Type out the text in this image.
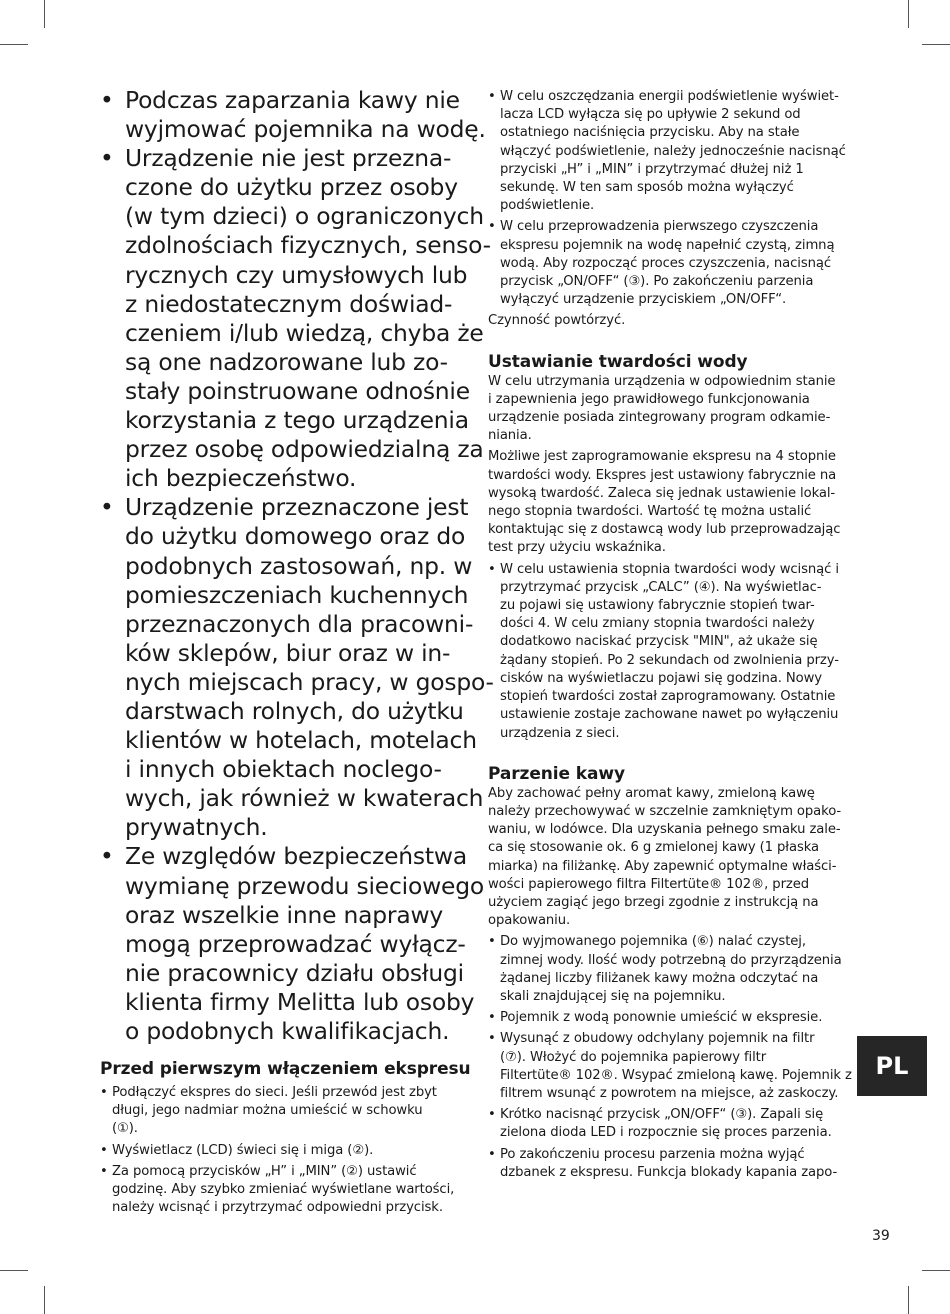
• Podczas zaparzania kawy nie
wyjmować pojemnika na wodę.
• Urządzenie nie jest przezna-
czone do użytku przez osoby
(w tym dzieci) o ograniczonych
zdolnościach fizycznych, senso-
rycznych czy umysłowych lub
z niedostatecznym doświad-
czeniem i/lub wiedzą, chyba że
są one nadzorowane lub zo-
stały poinstruowane odnośnie
korzystania z tego urządzenia
przez osobę odpowiedzialną za
ich bezpieczeństwo.
• Urządzenie przeznaczone jest
do użytku domowego oraz do
podobnych zastosowań, np. w
pomieszczeniach kuchennych
przeznaczonych dla pracowni-
ków sklepów, biur oraz w in-
nych miejscach pracy, w gospo-
darstwach rolnych, do użytku
klientów w hotelach, motelach
i innych obiektach noclego-
wych, jak również w kwaterach
prywatnych.
• Ze względów bezpieczeństwa
wymianę przewodu sieciowego
oraz wszelkie inne naprawy
mogą przeprowadzać wyłącz-
nie pracownicy działu obsługi
klienta firmy Melitta lub osoby
o podobnych kwalifikacjach.
Przed pierwszym włączeniem ekspresu
• Podłączyć ekspres do sieci. Jeśli przewód jest zbyt
długi, jego nadmiar można umieścić w schowku
(①).
• Wyświetlacz (LCD) świeci się i miga (②).
• Za pomocą przycisków „H” i „MIN” (②) ustawić
godzinę. Aby szybko zmieniać wyświetlane wartości,
należy wcisnąć i przytrzymać odpowiedni przycisk.
• W celu oszczędzania energii podświetlenie wyświet-
lacza LCD wyłącza się po upływie 2 sekund od
ostatniego naciśnięcia przycisku. Aby na stałe
włączyć podświetlenie, należy jednocześnie nacisnąć
przyciski „H” i „MIN” i przytrzymać dłużej niż 1
sekundę. W ten sam sposób można wyłączyć
podświetlenie.
• W celu przeprowadzenia pierwszego czyszczenia
ekspresu pojemnik na wodę napełnić czystą, zimną
wodą. Aby rozpocząć proces czyszczenia, nacisnąć
przycisk „ON/OFF“ (③). Po zakończeniu parzenia
wyłączyć urządzenie przyciskiem „ON/OFF“.

Czynność powtórzyć.

Ustawianie twardości wody

W celu utrzymania urządzenia w odpowiednim stanie
i zapewnienia jego prawidłowego funkcjonowania
urządzenie posiada zintegrowany program odkamie-
niania.

Możliwe jest zaprogramowanie ekspresu na 4 stopnie
twardości wody. Ekspres jest ustawiony fabrycznie na
wysoką twardość. Zaleca się jednak ustawienie lokal-
nego stopnia twardości. Wartość tę można ustalić
kontaktując się z dostawcą wody lub przeprowadzając
test przy użyciu wskaźnika.

• W celu ustawienia stopnia twardości wody wcisnąć i
przytrzymać przycisk „CALC” (④). Na wyświetlac-
zu pojawi się ustawiony fabrycznie stopień twar-
dości 4. W celu zmiany stopnia twardości należy
dodatkowo naciskać przycisk "MIN", aż ukaże się
żądany stopień. Po 2 sekundach od zwolnienia przy-
cisków na wyświetlaczu pojawi się godzina. Nowy
stopień twardości został zaprogramowany. Ostatnie
ustawienie zostaje zachowane nawet po wyłączeniu
urządzenia z sieci.
Parzenie kawy

Aby zachować pełny aromat kawy, zmieloną kawę
należy przechowywać w szczelnie zamkniętym opako-
waniu, w lodówce. Dla uzyskania pełnego smaku zale-
ca się stosowanie ok. 6 g zmielonej kawy (1 płaska
miarka) na filiżankę. Aby zapewnić optymalne właści-
wości papierowego filtra Filtertüte® 102®, przed
użyciem zagiąć jego brzegi zgodnie z instrukcją na
opakowaniu.

• Do wyjmowanego pojemnika (⑥) nalać czystej,
zimnej wody. Ilość wody potrzebną do przyrządzenia
żądanej liczby filiżanek kawy można odczytać na
skali znajdującej się na pojemniku.
• Pojemnik z wodą ponownie umieścić w ekspresie.
• Wysunąć z obudowy odchylany pojemnik na filtr
(⑦). Włożyć do pojemnika papierowy filtr
Filtertüte® 102®. Wsypać zmieloną kawę. Pojemnik z
filtrem wsunąć z powrotem na miejsce, aż zaskoczy.
• Krótko nacisnąć przycisk „ON/OFF“ (③). Zapali się
zielona dioda LED i rozpocznie się proces parzenia.
• Po zakończeniu procesu parzenia można wyjąć
dzbanek z ekspresu. Funkcja blokady kapania zapo-
PL
39
